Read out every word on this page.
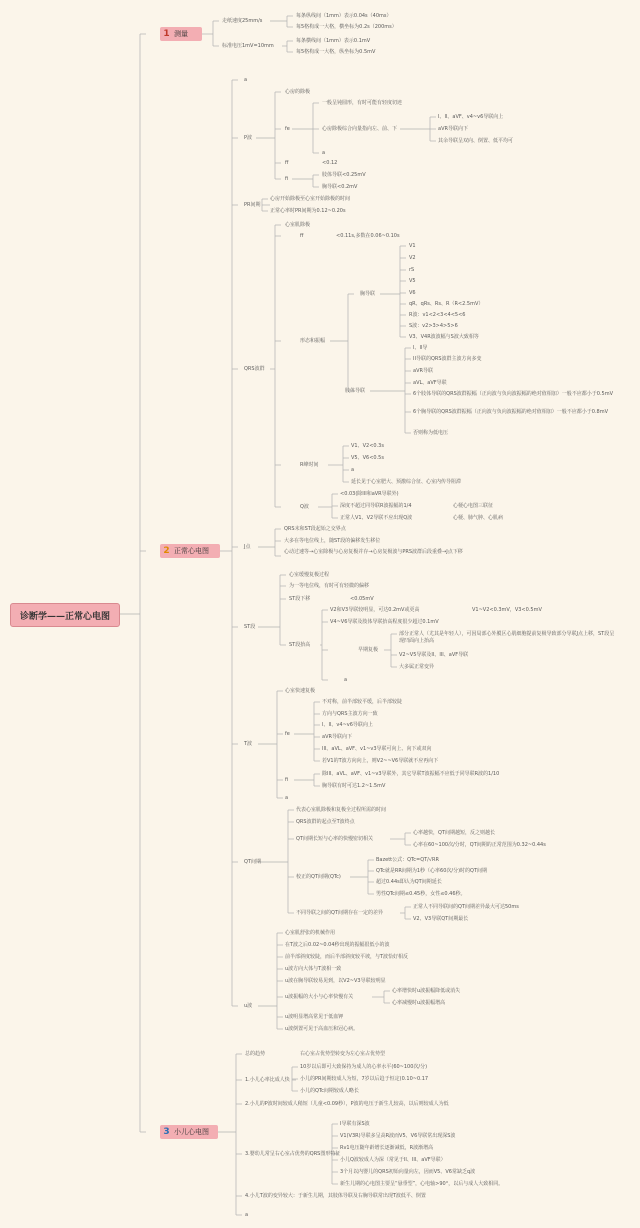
诊断学——正常心电图
1 测量
2 正常心电图
3 小儿心电图
走纸速度25mm/s
每条纵线间（1mm）表示0.04s（40ms）
每5格构成一大格，横坐标为0.2s（200ms）
标准电压1mV=10mm
每条横线间（1mm）表示0.1mV
每5格构成一大格，纵坐标为0.5mV
a
P波
心房的除极
fe
一般呈钝圆形，有时可能有轻度切迹
心房除极综合向量指向左、前、下
I、II、aVF、v4~v6导联向上
aVR导联向下
其余导联呈双向、倒置、低平均可
a
ff	<0.12
fi
肢体导联<0.25mV
胸导联<0.2mV
PR间期
心房开始除极至心室开始除极的时间
正常心率时PR间期为0.12~0.20s
QRS波群
心室肌除极
ff	<0.11s,多数在0.06~0.10s
形态和振幅
胸导联
V1
V2
rS
V5
V6
qR、qRs、Rs、R（R<2.5mV）
R波：v1<2<3<4<5<6
S波：v2>3>4>5>6
V3、V4R波波幅与S波大致相等
肢体导联
I、II导
II导联的QRS波群主波方向多变
aVR导联
aVL、aVF导联
6个肢体导联的QRS波群振幅（正向波与负向波振幅的绝对值相加）一般不应都小于0.5mV
6个胸导联的QRS波群振幅（正向波与负向波振幅的绝对值相加）一般不应都小于0.8mV
否则称为低电压
R峰时间
V1、V2<0.3s
V5、V6<0.5s
a
延长见于心室肥大、预激综合征、心室内传导阻滞
Q波
<0.03(除III和aVR导联外)
深度不超过同导联R波振幅的1/4	心梗心电图三联征
正常人V1、V2导联不应出现Q波	心梗、肺气肿、心肌病
J点
QRS末和ST段起始之交界点
大多在等电位线上，随ST段的偏移发生移位
心动过速等→心室除极与心房复极并存→心房复极波与PRS波群后段重叠→J点下移
ST段
心室缓慢复极过程
为一等电位线，有时可有轻微的偏移
ST段下移	<0.05mV
ST段抬高
V2和V3导联较明显，可达0.2mV或更高	V1~V2<0.3mV，V3<0.5mV
V4~V6导联及肢体导联抬高程度很少超过0.1mV
早期复极
部分正常人（尤其是年轻人），可因局部心外膜区心肌细胞提前复极导致部分导联J点上移，ST段呈现凹面向上抬高
V2~V5导联及II、III、aVF导联
大多属正常变异
a
T波
心室快速复极
fe
不对称，前半部较平缓，后半部较陡
方向与QRS主波方向一致
I、II、v4~v6导联向上
aVR导联向下
III、aVL、aVF、v1~v3导联可向上、向下或双向
若V1的T波方向向上，则V2~~V6导联就不应再向下
fi
除III、aVL、aVF、v1~v3导联外，其它导联T波振幅不应低于同导联R波的1/10
胸导联有时可达1.2~1.5mV
a
QT间期
代表心室肌除极和复极全过程所需的时间
QRS波群的起点至T波终点
QT间期长短与心率的快慢密切相关
心率越快，QT间期越短，反之则越长
心率在60~100次/分时，QT间期的正常范围为0.32~0.44s
校正的QT间期(QTc)
Bazett公式：QTc=QT/√RR
QTc就是RR间期为1秒（心率60次/分)时的QT间期
超过0.44s即认为QT间期延长
男性QTc间期≤0.45秒，女性≤0.46秒。
不同导联之间的QT间期存在一定的差异
正常人不同导联间的QT间期差异最大可达50ms
V2、V3导联QT间期最长
u波
心室肌舒张的机械作用
在T波之后0.02~0.04秒出现的振幅很低小的波
前半部斜度较陡，而后半部斜度较平坡，与T波恰好相反
u波方向大体与T波相一致
u波在胸导联较易见到，以V2~V3导联较明显
u波振幅的大小与心率快慢有关
心率增快时u波振幅降低或消失
心率减慢时u波振幅增高
u波明显增高常见于低血钾
u波倒置可见于高血压和冠心病。
总的趋势	右心室占优势型转变为左心室占优势型
1.小儿心率比成人快
10岁以后即可大致保持为成人的心率水平(60~100次/分)
小儿的PR间期较成人为短，7岁以后趋于恒定(0.10~0.17
小儿的QTc间期较成人略长
2.小儿的P波时间较成人稍短（儿童<0.09秒），P波的电压于新生儿较高，以后则较成人为低
3.婴幼儿常呈右心室占优势的QRS图形特征
I导联有深S波
V1(V3R)导联多呈高R波而V5、V6导联常出现深S波
Rv1电压随年龄增长逐渐减低，R波渐增高
小儿Q波较成人为深（常见于II、III、aVF导联）
3个月以内婴儿的QRS初始向量向左，因而V5、V6常缺乏q波
新生儿期的心电图主要呈“悬垂型”，心电轴>90°，以后与成人大致相同。
4.小儿T波的变异较大：于新生儿期，其肢体导联及右胸导联常出现T波低平、倒置
a
